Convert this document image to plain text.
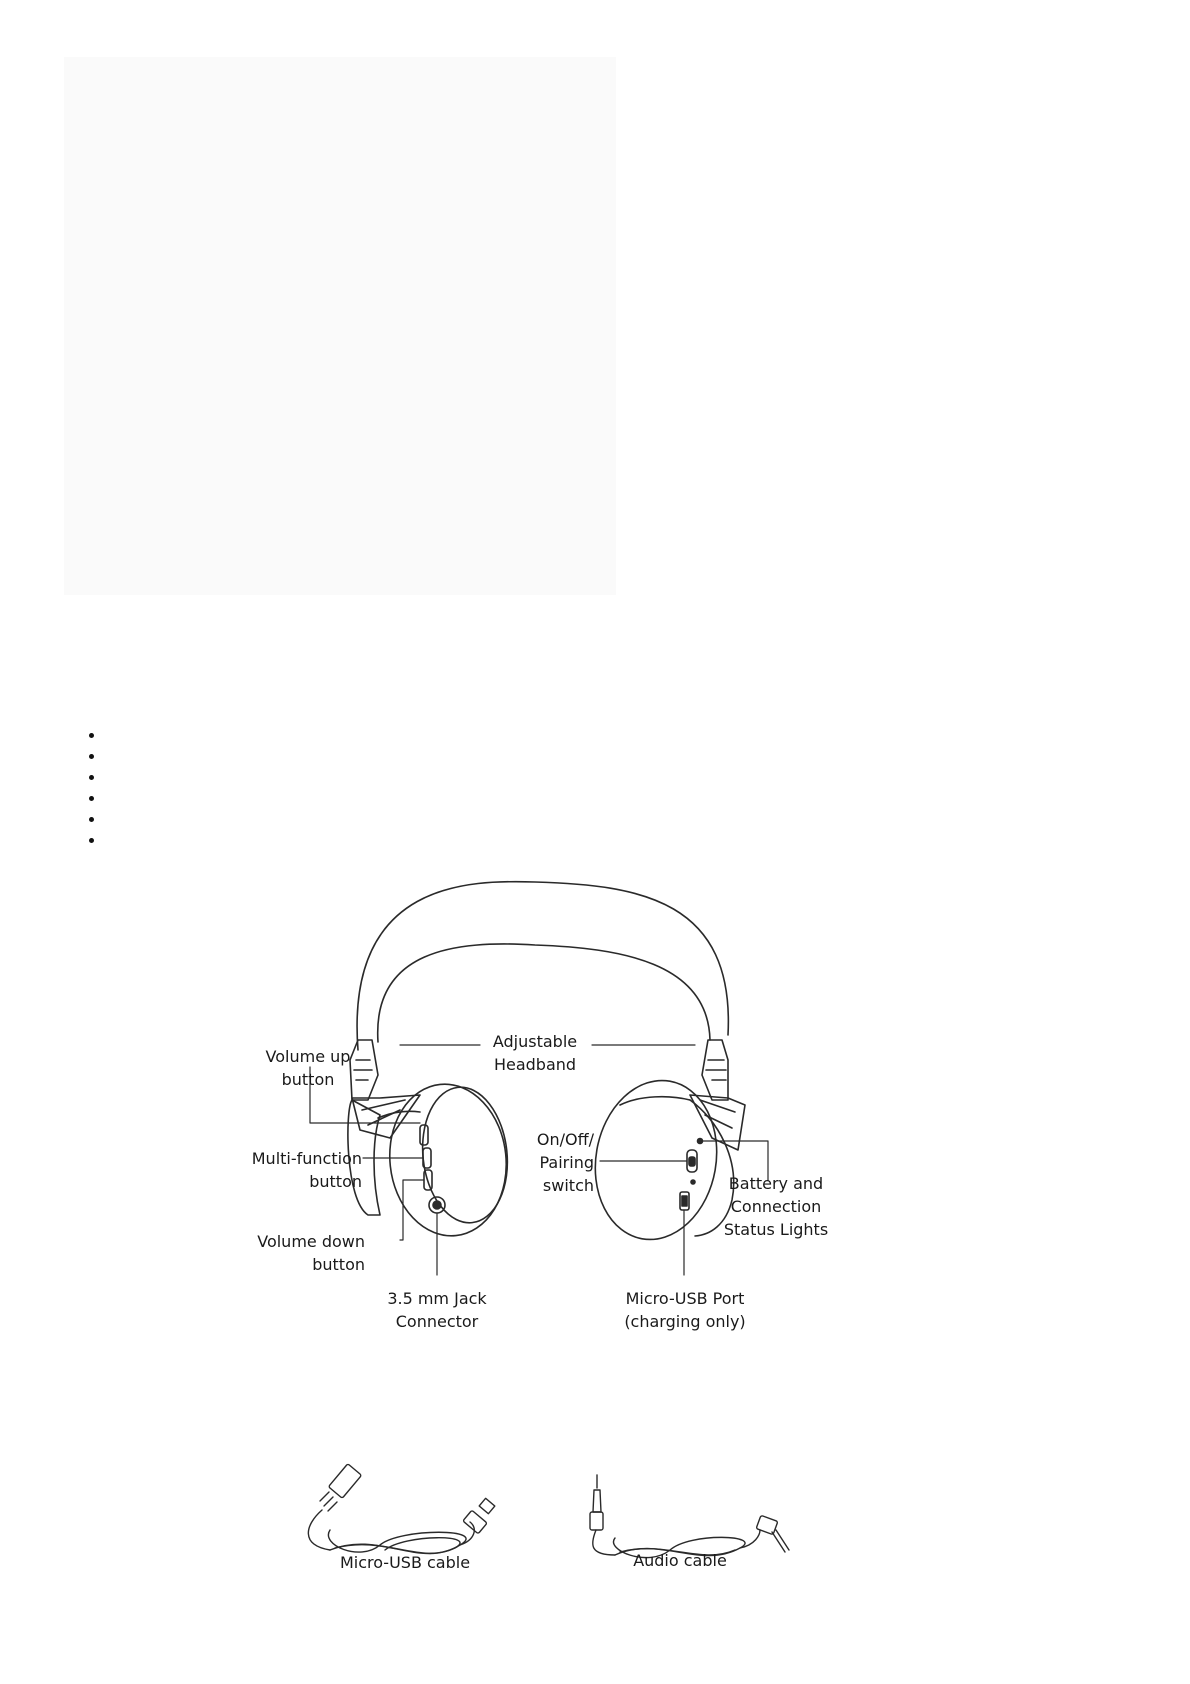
Volume up
button
Adjustable
Headband
Multi-function
button
On/Off/
Pairing
switch	Battery and
Connection
Status Lights
Volume down
button
3.5 mm Jack
Connector
Micro-USB Port
(charging only)
Micro-USB cable	Audio cable
